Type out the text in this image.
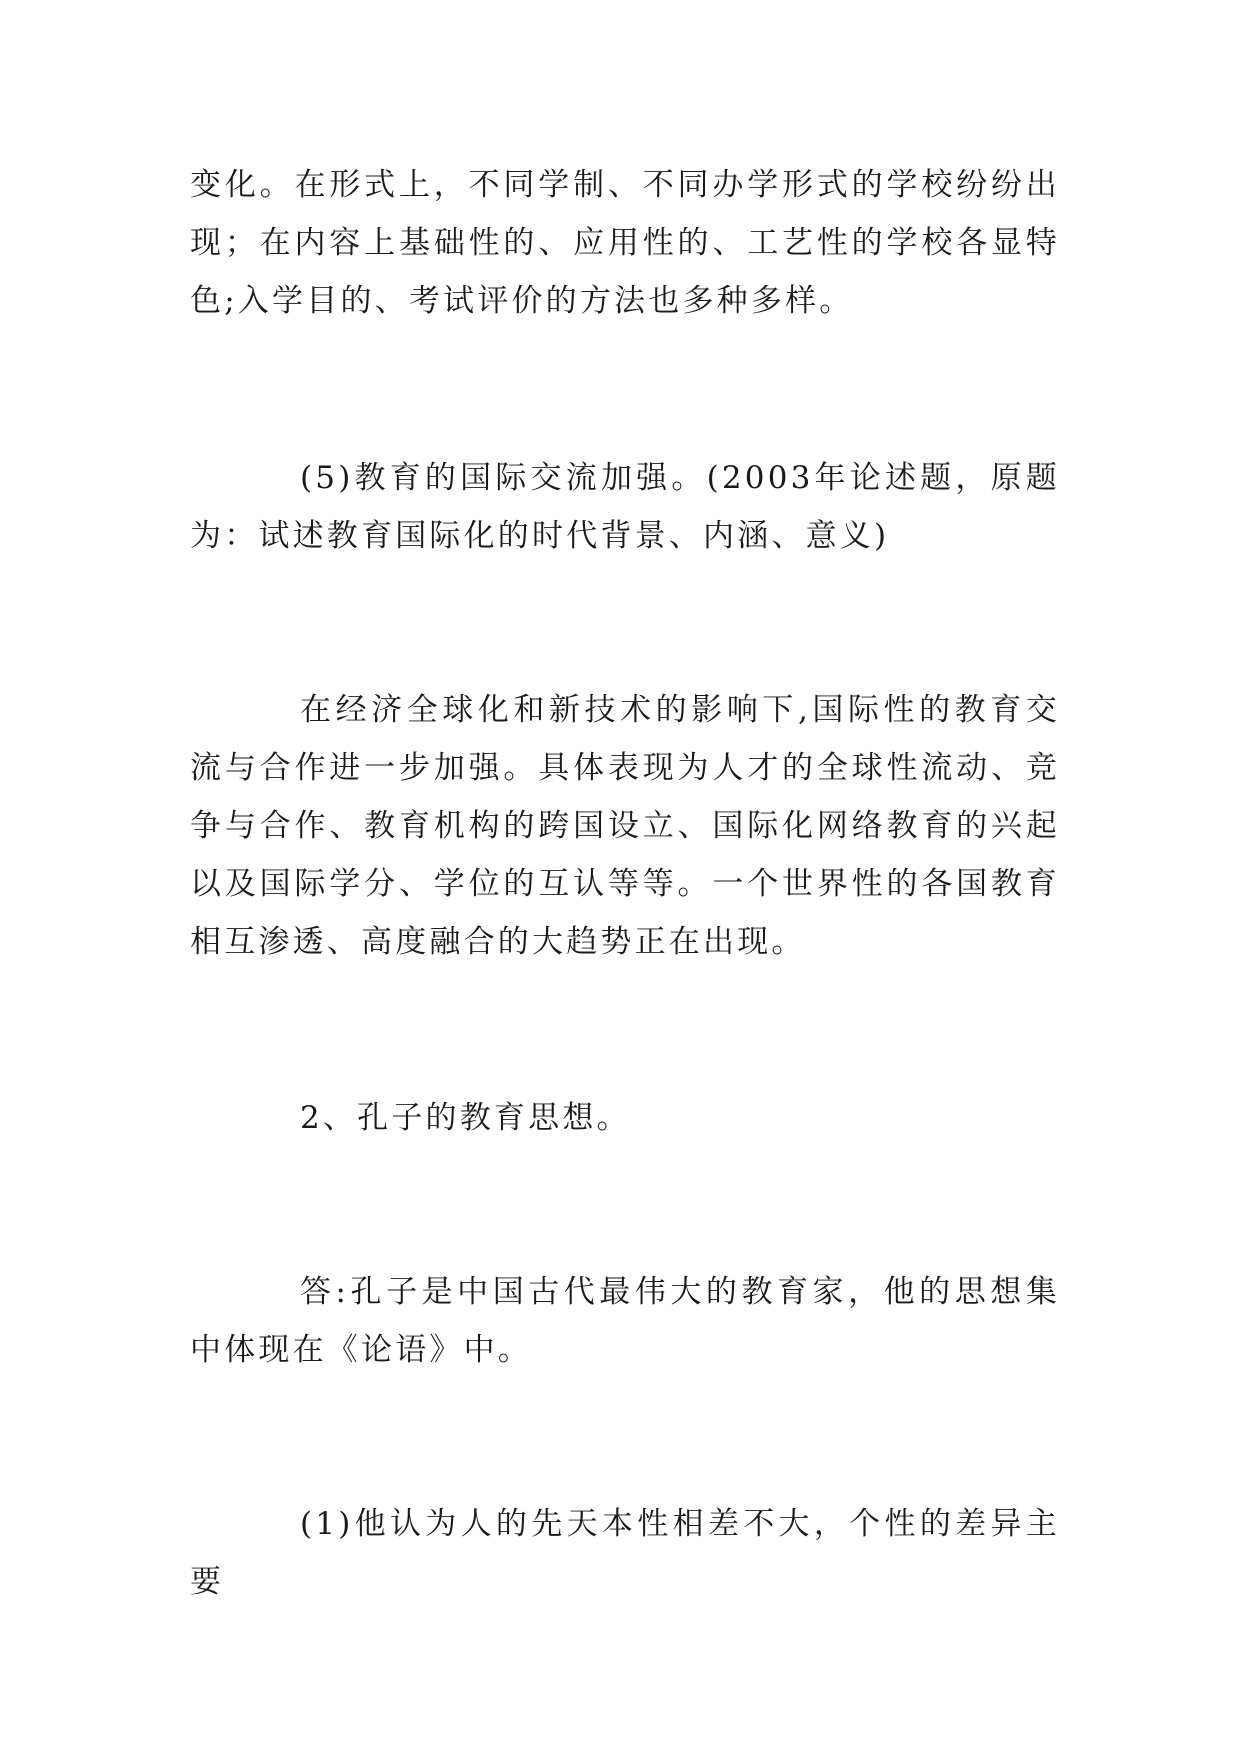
变化。在形式上，不同学制、不同办学形式的学校纷纷出现；在内容上基础性的、应用性的、工艺性的学校各显特色;入学目的、考试评价的方法也多种多样。

(5)教育的国际交流加强。(2003年论述题，原题为：试述教育国际化的时代背景、内涵、意义)

在经济全球化和新技术的影响下,国际性的教育交流与合作进一步加强。具体表现为人才的全球性流动、竞争与合作、教育机构的跨国设立、国际化网络教育的兴起以及国际学分、学位的互认等等。一个世界性的各国教育相互渗透、高度融合的大趋势正在出现。

2、孔子的教育思想。

答:孔子是中国古代最伟大的教育家，他的思想集中体现在《论语》中。

(1)他认为人的先天本性相差不大，个性的差异主要
